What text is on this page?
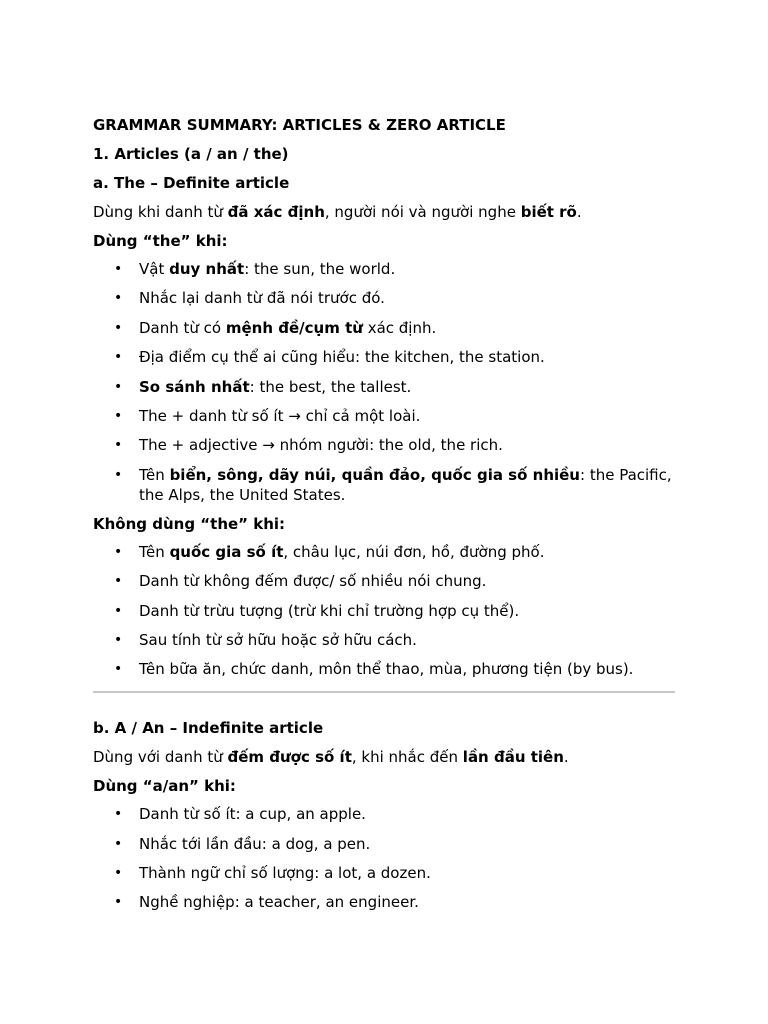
GRAMMAR SUMMARY: ARTICLES & ZERO ARTICLE

1. Articles (a / an / the)

a. The – Definite article

Dùng khi danh từ đã xác định, người nói và người nghe biết rõ.

Dùng “the” khi:

• Vật duy nhất: the sun, the world.
• Nhắc lại danh từ đã nói trước đó.
• Danh từ có mệnh đề/cụm từ xác định.
• Địa điểm cụ thể ai cũng hiểu: the kitchen, the station.
• So sánh nhất: the best, the tallest.
• The + danh từ số ít → chỉ cả một loài.
• The + adjective → nhóm người: the old, the rich.
• Tên biển, sông, dãy núi, quần đảo, quốc gia số nhiều: the Pacific, the Alps, the United States.

Không dùng “the” khi:

• Tên quốc gia số ít, châu lục, núi đơn, hồ, đường phố.
• Danh từ không đếm được/ số nhiều nói chung.
• Danh từ trừu tượng (trừ khi chỉ trường hợp cụ thể).
• Sau tính từ sở hữu hoặc sở hữu cách.
• Tên bữa ăn, chức danh, môn thể thao, mùa, phương tiện (by bus).

b. A / An – Indefinite article

Dùng với danh từ đếm được số ít, khi nhắc đến lần đầu tiên.

Dùng “a/an” khi:

• Danh từ số ít: a cup, an apple.
• Nhắc tới lần đầu: a dog, a pen.
• Thành ngữ chỉ số lượng: a lot, a dozen.
• Nghề nghiệp: a teacher, an engineer.
